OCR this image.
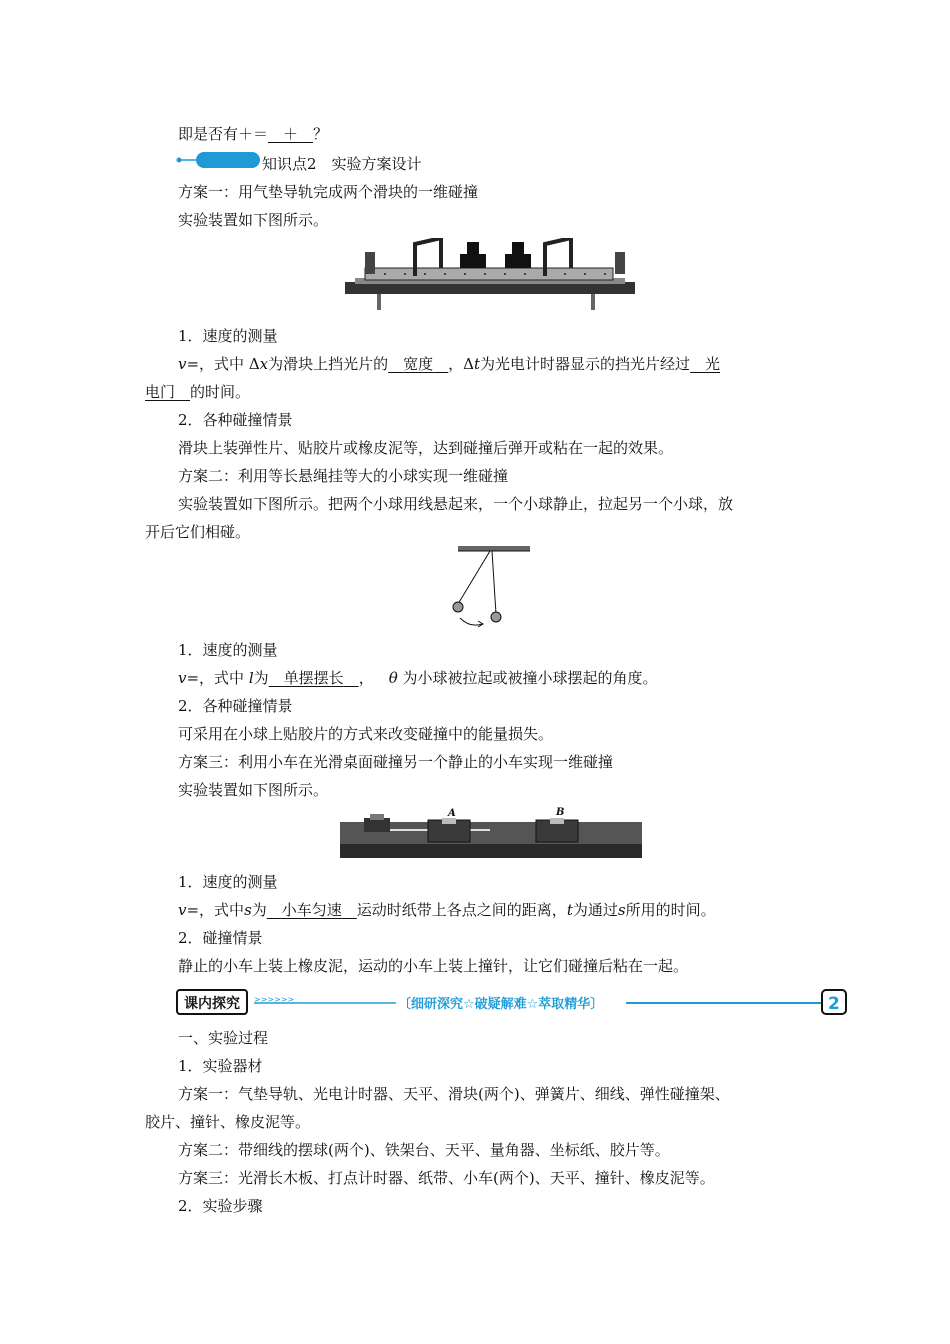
即是否有＋＝  ＋  ？
知识点2  实验方案设计
方案一：用气垫导轨完成两个滑块的一维碰撞
实验装置如下图所示。
1．速度的测量
v=，式中 Δx为滑块上挡光片的  宽度  ，Δt为光电计时器显示的挡光片经过  光
电门  的时间。
2．各种碰撞情景
滑块上装弹性片、贴胶片或橡皮泥等，达到碰撞后弹开或粘在一起的效果。
方案二：利用等长悬绳挂等大的小球实现一维碰撞
实验装置如下图所示。把两个小球用线悬起来，一个小球静止，拉起另一个小球，放
开后它们相碰。
1．速度的测量
v=，式中 l为  单摆摆长  ， θ 为小球被拉起或被撞小球摆起的角度。
2．各种碰撞情景
可采用在小球上贴胶片的方式来改变碰撞中的能量损失。
方案三：利用小车在光滑桌面碰撞另一个静止的小车实现一维碰撞
实验装置如下图所示。
A	B
1．速度的测量
v=，式中s为  小车匀速  运动时纸带上各点之间的距离，t为通过s所用的时间。
2．碰撞情景
静止的小车上装上橡皮泥，运动的小车上装上撞针，让它们碰撞后粘在一起。
课内探究 >>>>>>	〔细研深究☆破疑解难☆萃取精华〕	2
一、实验过程
1．实验器材
方案一：气垫导轨、光电计时器、天平、滑块(两个)、弹簧片、细线、弹性碰撞架、
胶片、撞针、橡皮泥等。
方案二：带细线的摆球(两个)、铁架台、天平、量角器、坐标纸、胶片等。
方案三：光滑长木板、打点计时器、纸带、小车(两个)、天平、撞针、橡皮泥等。
2．实验步骤
